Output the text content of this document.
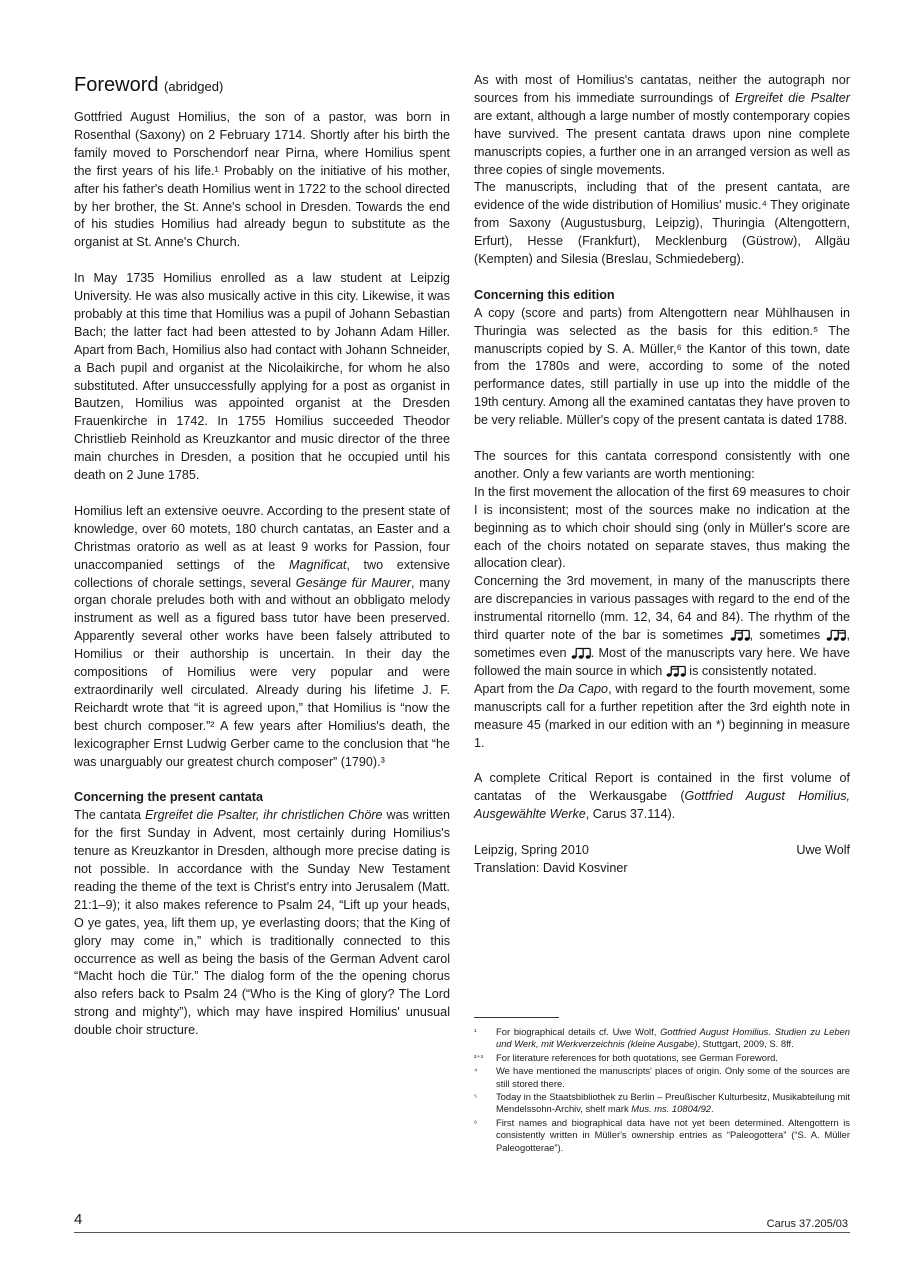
Foreword (abridged)

Gottfried August Homilius, the son of a pastor, was born in Rosenthal (Saxony) on 2 February 1714. Shortly after his birth the family moved to Porschendorf near Pirna, where Homilius spent the first years of his life.¹ Probably on the initiative of his mother, after his father's death Homilius went in 1722 to the school directed by her brother, the St. Anne's school in Dresden. Towards the end of his studies Homilius had already begun to substitute as the organist at St. Anne's Church.

In May 1735 Homilius enrolled as a law student at Leipzig University. He was also musically active in this city. Likewise, it was probably at this time that Homilius was a pupil of Johann Sebastian Bach; the latter fact had been attested to by Johann Adam Hiller. Apart from Bach, Homilius also had contact with Johann Schneider, a Bach pupil and organist at the Nicolaikirche, for whom he also substituted. After unsuccessfully applying for a post as organist in Bautzen, Homilius was appointed organist at the Dresden Frauenkirche in 1742. In 1755 Homilius succeeded Theodor Christlieb Reinhold as Kreuzkantor and music director of the three main churches in Dresden, a position that he occupied until his death on 2 June 1785.

Homilius left an extensive oeuvre. According to the present state of knowledge, over 60 motets, 180 church cantatas, an Easter and a Christmas oratorio as well as at least 9 works for Passion, four unaccompanied settings of the Magnificat, two extensive collections of chorale settings, several Gesänge für Maurer, many organ chorale preludes both with and without an obbligato melody instrument as well as a figured bass tutor have been preserved. Apparently several other works have been falsely attributed to Homilius or their authorship is uncertain. In their day the compositions of Homilius were very popular and were extraordinarily well circulated. Already during his lifetime J. F. Reichardt wrote that “it is agreed upon,” that Homilius is “now the best church composer.”² A few years after Homilius's death, the lexicographer Ernst Ludwig Gerber came to the conclusion that “he was unarguably our greatest church composer” (1790).³

Concerning the present cantata

The cantata Ergreifet die Psalter, ihr christlichen Chöre was written for the first Sunday in Advent, most certainly during Homilius's tenure as Kreuzkantor in Dresden, although more precise dating is not possible. In accordance with the Sunday New Testament reading the theme of the text is Christ's entry into Jerusalem (Matt. 21:1–9); it also makes reference to Psalm 24, “Lift up your heads, O ye gates, yea, lift them up, ye everlasting doors; that the King of glory may come in,” which is traditionally connected to this occurrence as well as being the basis of the German Advent carol “Macht hoch die Tür.” The dialog form of the the opening chorus also refers back to Psalm 24 (“Who is the King of glory? The Lord strong and mighty”), which may have inspired Homilius' unusual double choir structure.

As with most of Homilius's cantatas, neither the autograph nor sources from his immediate surroundings of Ergreifet die Psalter are extant, although a large number of mostly contemporary copies have survived. The present cantata draws upon nine complete manuscripts copies, a further one in an arranged version as well as three copies of single movements.

The manuscripts, including that of the present cantata, are evidence of the wide distribution of Homilius' music.⁴ They originate from Saxony (Augustusburg, Leipzig), Thuringia (Altengottern, Erfurt), Hesse (Frankfurt), Mecklenburg (Güstrow), Allgäu (Kempten) and Silesia (Breslau, Schmiedeberg).

Concerning this edition

A copy (score and parts) from Altengottern near Mühlhausen in Thuringia was selected as the basis for this edition.⁵ The manuscripts copied by S. A. Müller,⁶ the Kantor of this town, date from the 1780s and were, according to some of the noted performance dates, still partially in use up into the middle of the 19th century. Among all the examined cantatas they have proven to be very reliable. Müller's copy of the present cantata is dated 1788.

The sources for this cantata correspond consistently with one another. Only a few variants are worth mentioning:

In the first movement the allocation of the first 69 measures to choir I is inconsistent; most of the sources make no indication at the beginning as to which choir should sing (only in Müller's score are each of the choirs notated on separate staves, thus making the allocation clear).

Concerning the 3rd movement, in many of the manuscripts there are discrepancies in various passages with regard to the end of the instrumental ritornello (mm. 12, 34, 64 and 84). The rhythm of the third quarter note of the bar is sometimes , sometimes , sometimes even . Most of the manuscripts vary here. We have followed the main source in which  is consistently notated.

Apart from the Da Capo, with regard to the fourth movement, some manuscripts call for a further repetition after the 3rd eighth note in measure 45 (marked in our edition with an *) beginning in measure 1.

A complete Critical Report is contained in the first volume of cantatas of the Werkausgabe (Gottfried August Homilius, Ausgewählte Werke, Carus 37.114).

Leipzig, Spring 2010	Uwe Wolf
Translation: David Kosviner
¹	For biographical details cf. Uwe Wolf, Gottfried August Homilius. Studien zu Leben und Werk, mit Werkverzeichnis (kleine Ausgabe), Stuttgart, 2009, S. 8ff.
²⁺³	For literature references for both quotations, see German Foreword.
⁴	We have mentioned the manuscripts' places of origin. Only some of the sources are still stored there.
⁵	Today in the Staatsbibliothek zu Berlin – Preußischer Kulturbesitz, Musikabteilung mit Mendelssohn-Archiv, shelf mark Mus. ms. 10804/92.
⁶	First names and biographical data have not yet been determined. Altengottern is consistently written in Müller's ownership entries as “Paleogottera” (“S. A. Müller Paleogotterae”).
4	Carus 37.205/03
